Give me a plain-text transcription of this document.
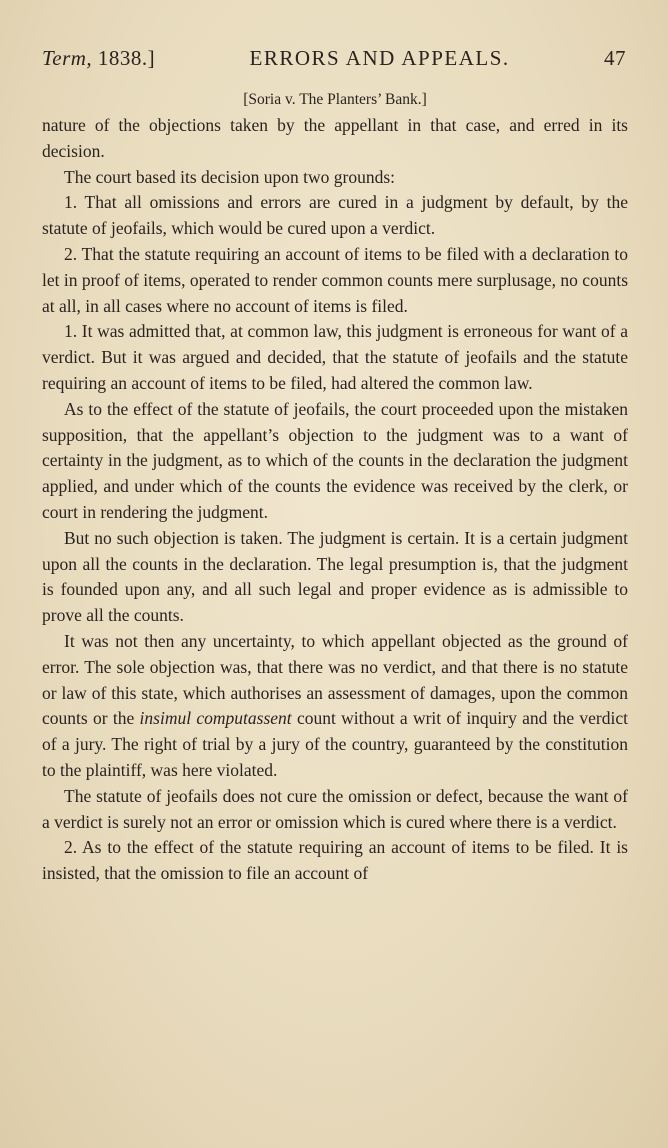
Term, 1838.]	ERRORS AND APPEALS.	47
[Soria v. The Planters’ Bank.]

nature of the objections taken by the appellant in that case, and erred in its decision.

The court based its decision upon two grounds:

1. That all omissions and errors are cured in a judgment by default, by the statute of jeofails, which would be cured upon a verdict.

2. That the statute requiring an account of items to be filed with a declaration to let in proof of items, operated to render common counts mere surplusage, no counts at all, in all cases where no account of items is filed.

1. It was admitted that, at common law, this judgment is erroneous for want of a verdict. But it was argued and decided, that the statute of jeofails and the statute requiring an account of items to be filed, had altered the common law.

As to the effect of the statute of jeofails, the court proceeded upon the mistaken supposition, that the appellant’s objection to the judgment was to a want of certainty in the judgment, as to which of the counts in the declaration the judgment applied, and under which of the counts the evidence was received by the clerk, or court in rendering the judgment.

But no such objection is taken. The judgment is certain. It is a certain judgment upon all the counts in the declaration. The legal presumption is, that the judgment is founded upon any, and all such legal and proper evidence as is admissible to prove all the counts.

It was not then any uncertainty, to which appellant objected as the ground of error. The sole objection was, that there was no verdict, and that there is no statute or law of this state, which authorises an assessment of damages, upon the common counts or the insimul computassent count without a writ of inquiry and the verdict of a jury. The right of trial by a jury of the country, guaranteed by the constitution to the plaintiff, was here violated.

The statute of jeofails does not cure the omission or defect, because the want of a verdict is surely not an error or omission which is cured where there is a verdict.

2. As to the effect of the statute requiring an account of items to be filed. It is insisted, that the omission to file an account of
